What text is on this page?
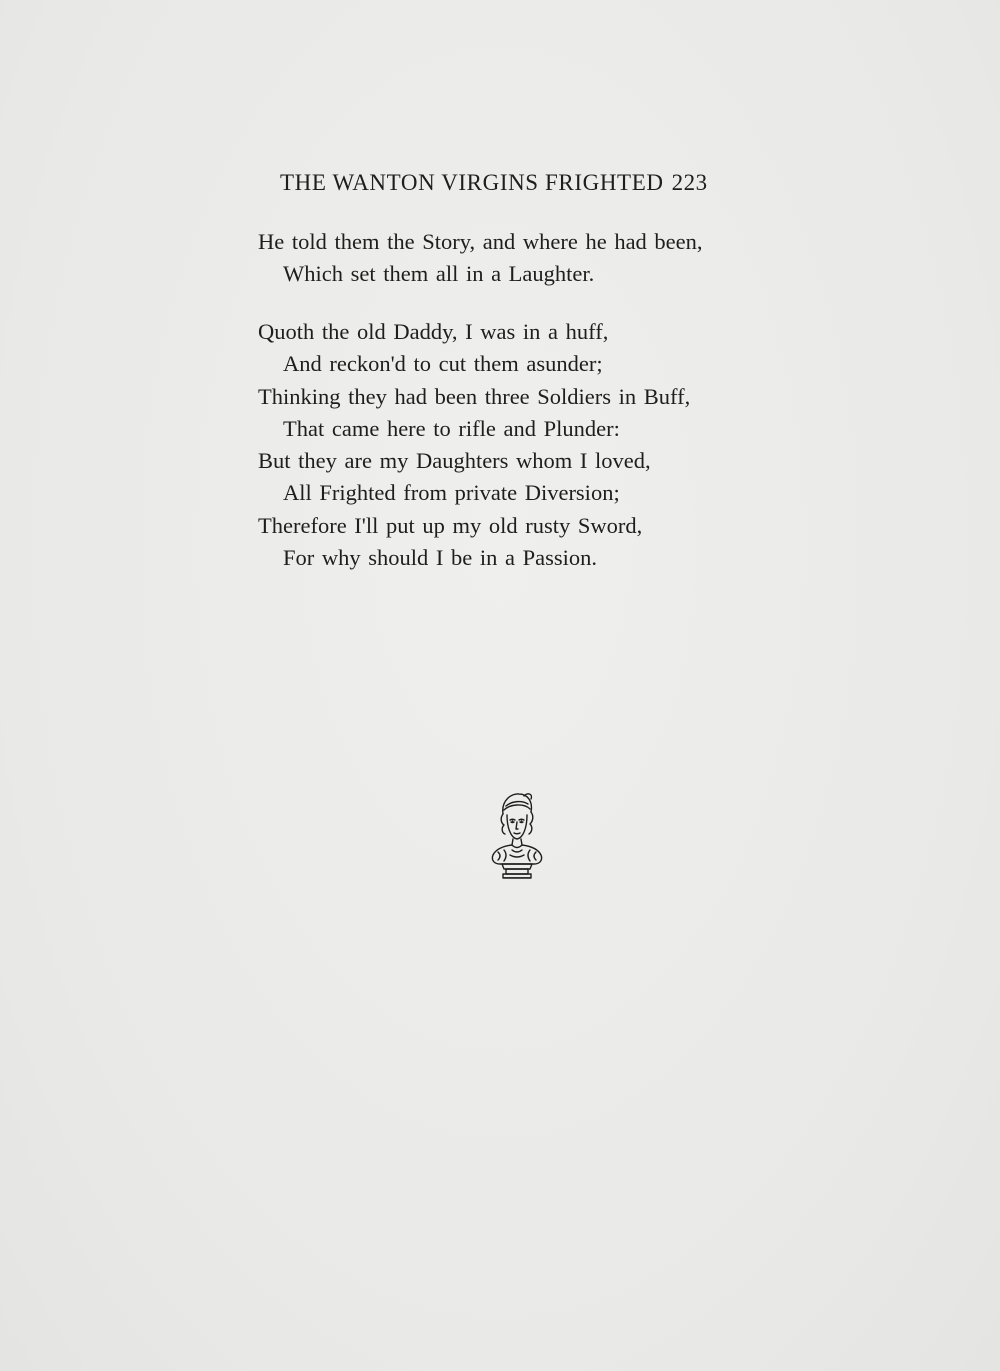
THE WANTON VIRGINS FRIGHTED 223
He told them the Story, and where he had been,
Which set them all in a Laughter.
Quoth the old Daddy, I was in a huff,
And reckon'd to cut them asunder;
Thinking they had been three Soldiers in Buff,
That came here to rifle and Plunder:
But they are my Daughters whom I loved,
All Frighted from private Diversion;
Therefore I'll put up my old rusty Sword,
For why should I be in a Passion.
